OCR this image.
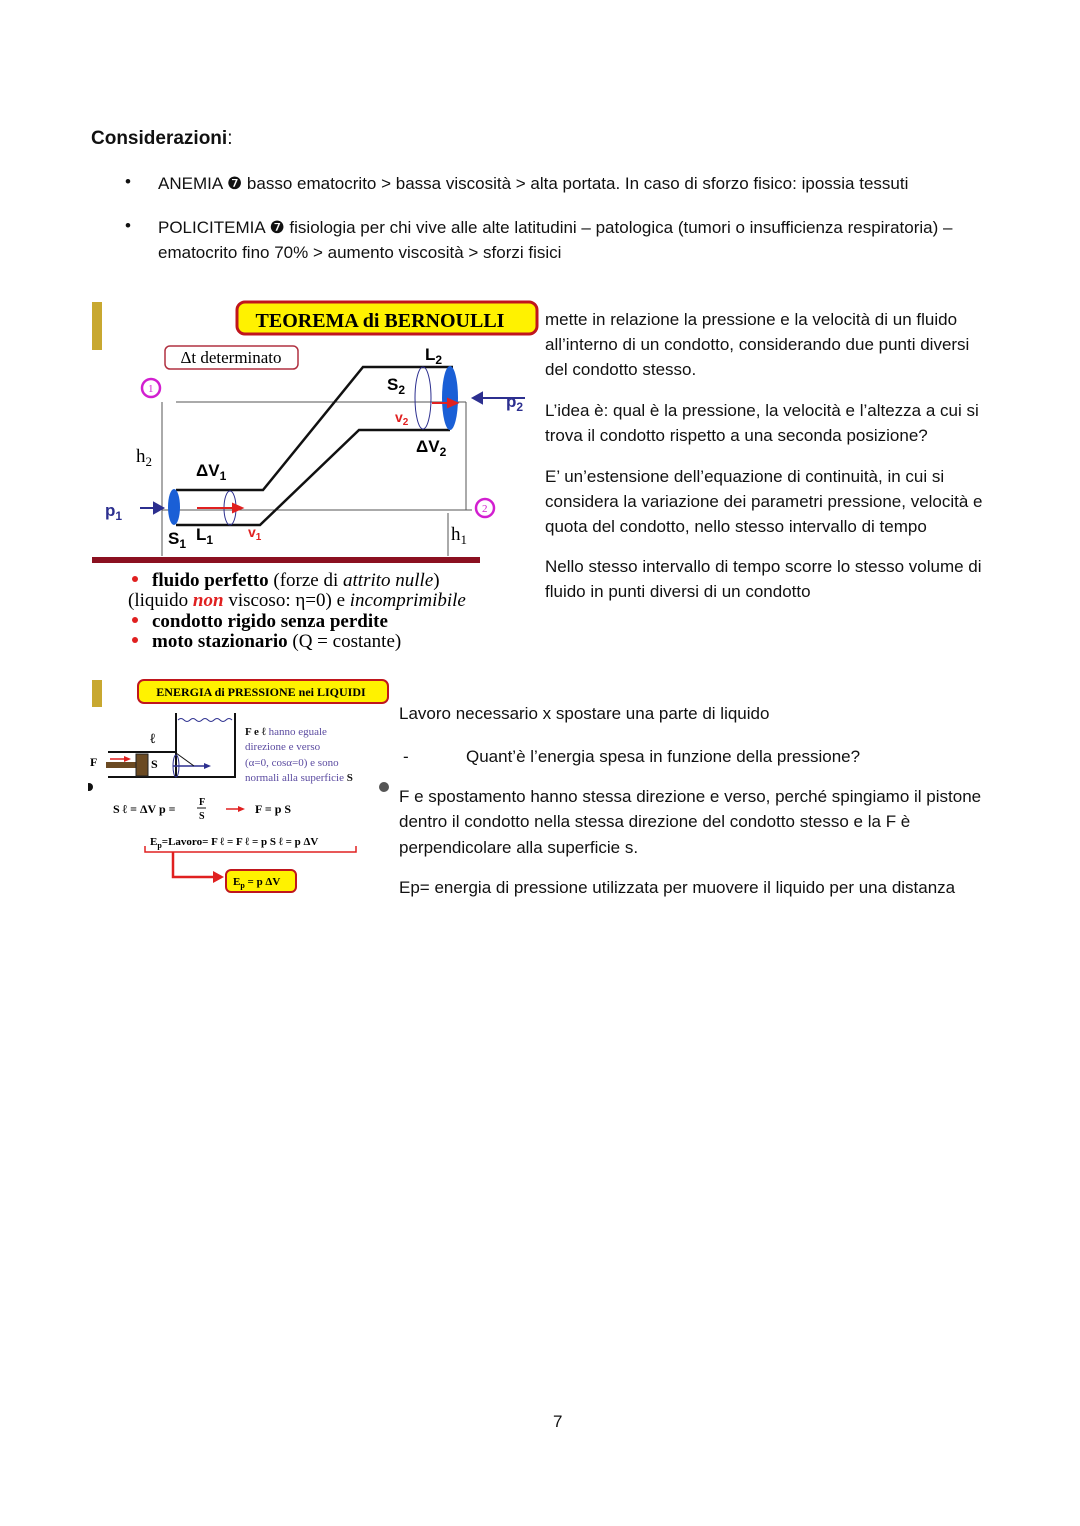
Considerazioni:
• ANEMIA ❼ basso ematocrito > bassa viscosità > alta portata. In caso di sforzo fisico: ipossia tessuti
• POLICITEMIA ❼ fisiologia per chi vive alle alte latitudini – patologica (tumori o insufficienza respiratoria) –
ematocrito fino 70% > aumento viscosità > sforzi fisici
TEOREMA di BERNOULLI
Δt determinato	$L_2$
$S_2$
$v_2$
$\Delta V_2$
$p_2$
$\Delta V_1$
$p_1$
$S_1$ $L_1$ $v_1$
$h_2$
$h_1$
1
2
fluido perfetto (forze di attrito nulle)
(liquido non viscoso: η=0) e incomprimibile
condotto rigido senza perdite
moto stazionario (Q = costante)
mette in relazione la pressione e la velocità di un fluido
all’interno di un condotto, considerando due punti diversi
del condotto stesso.
L’idea è: qual è la pressione, la velocità e l’altezza a cui si
trova il condotto rispetto a una seconda posizione?
E’ un’estensione dell’equazione di continuità, in cui si
considera la variazione dei parametri pressione, velocità e
quota del condotto, nello stesso intervallo di tempo
Nello stesso intervallo di tempo scorre lo stesso volume di
fluido in punti diversi di un condotto
ENERGIA di PRESSIONE nei LIQUIDI
F
ℓ
S
F e ℓ hanno eguale
direzione e verso
(α=0, cosα=0) e sono
normali alla superficie S
S ℓ = ΔV p = F
S
F = p S
$E_p=Lavoro= F$ ℓ = F ℓ = p S ℓ = p ΔV
$E_p = p$ ΔV
Lavoro necessario x spostare una parte di liquido
-	Quant’è l’energia spesa in funzione della pressione?
F e spostamento hanno stessa direzione e verso, perché spingiamo il pistone
dentro il condotto nella stessa direzione del condotto stesso e la F è
perpendicolare alla superficie s.
Ep= energia di pressione utilizzata per muovere il liquido per una distanza
7
